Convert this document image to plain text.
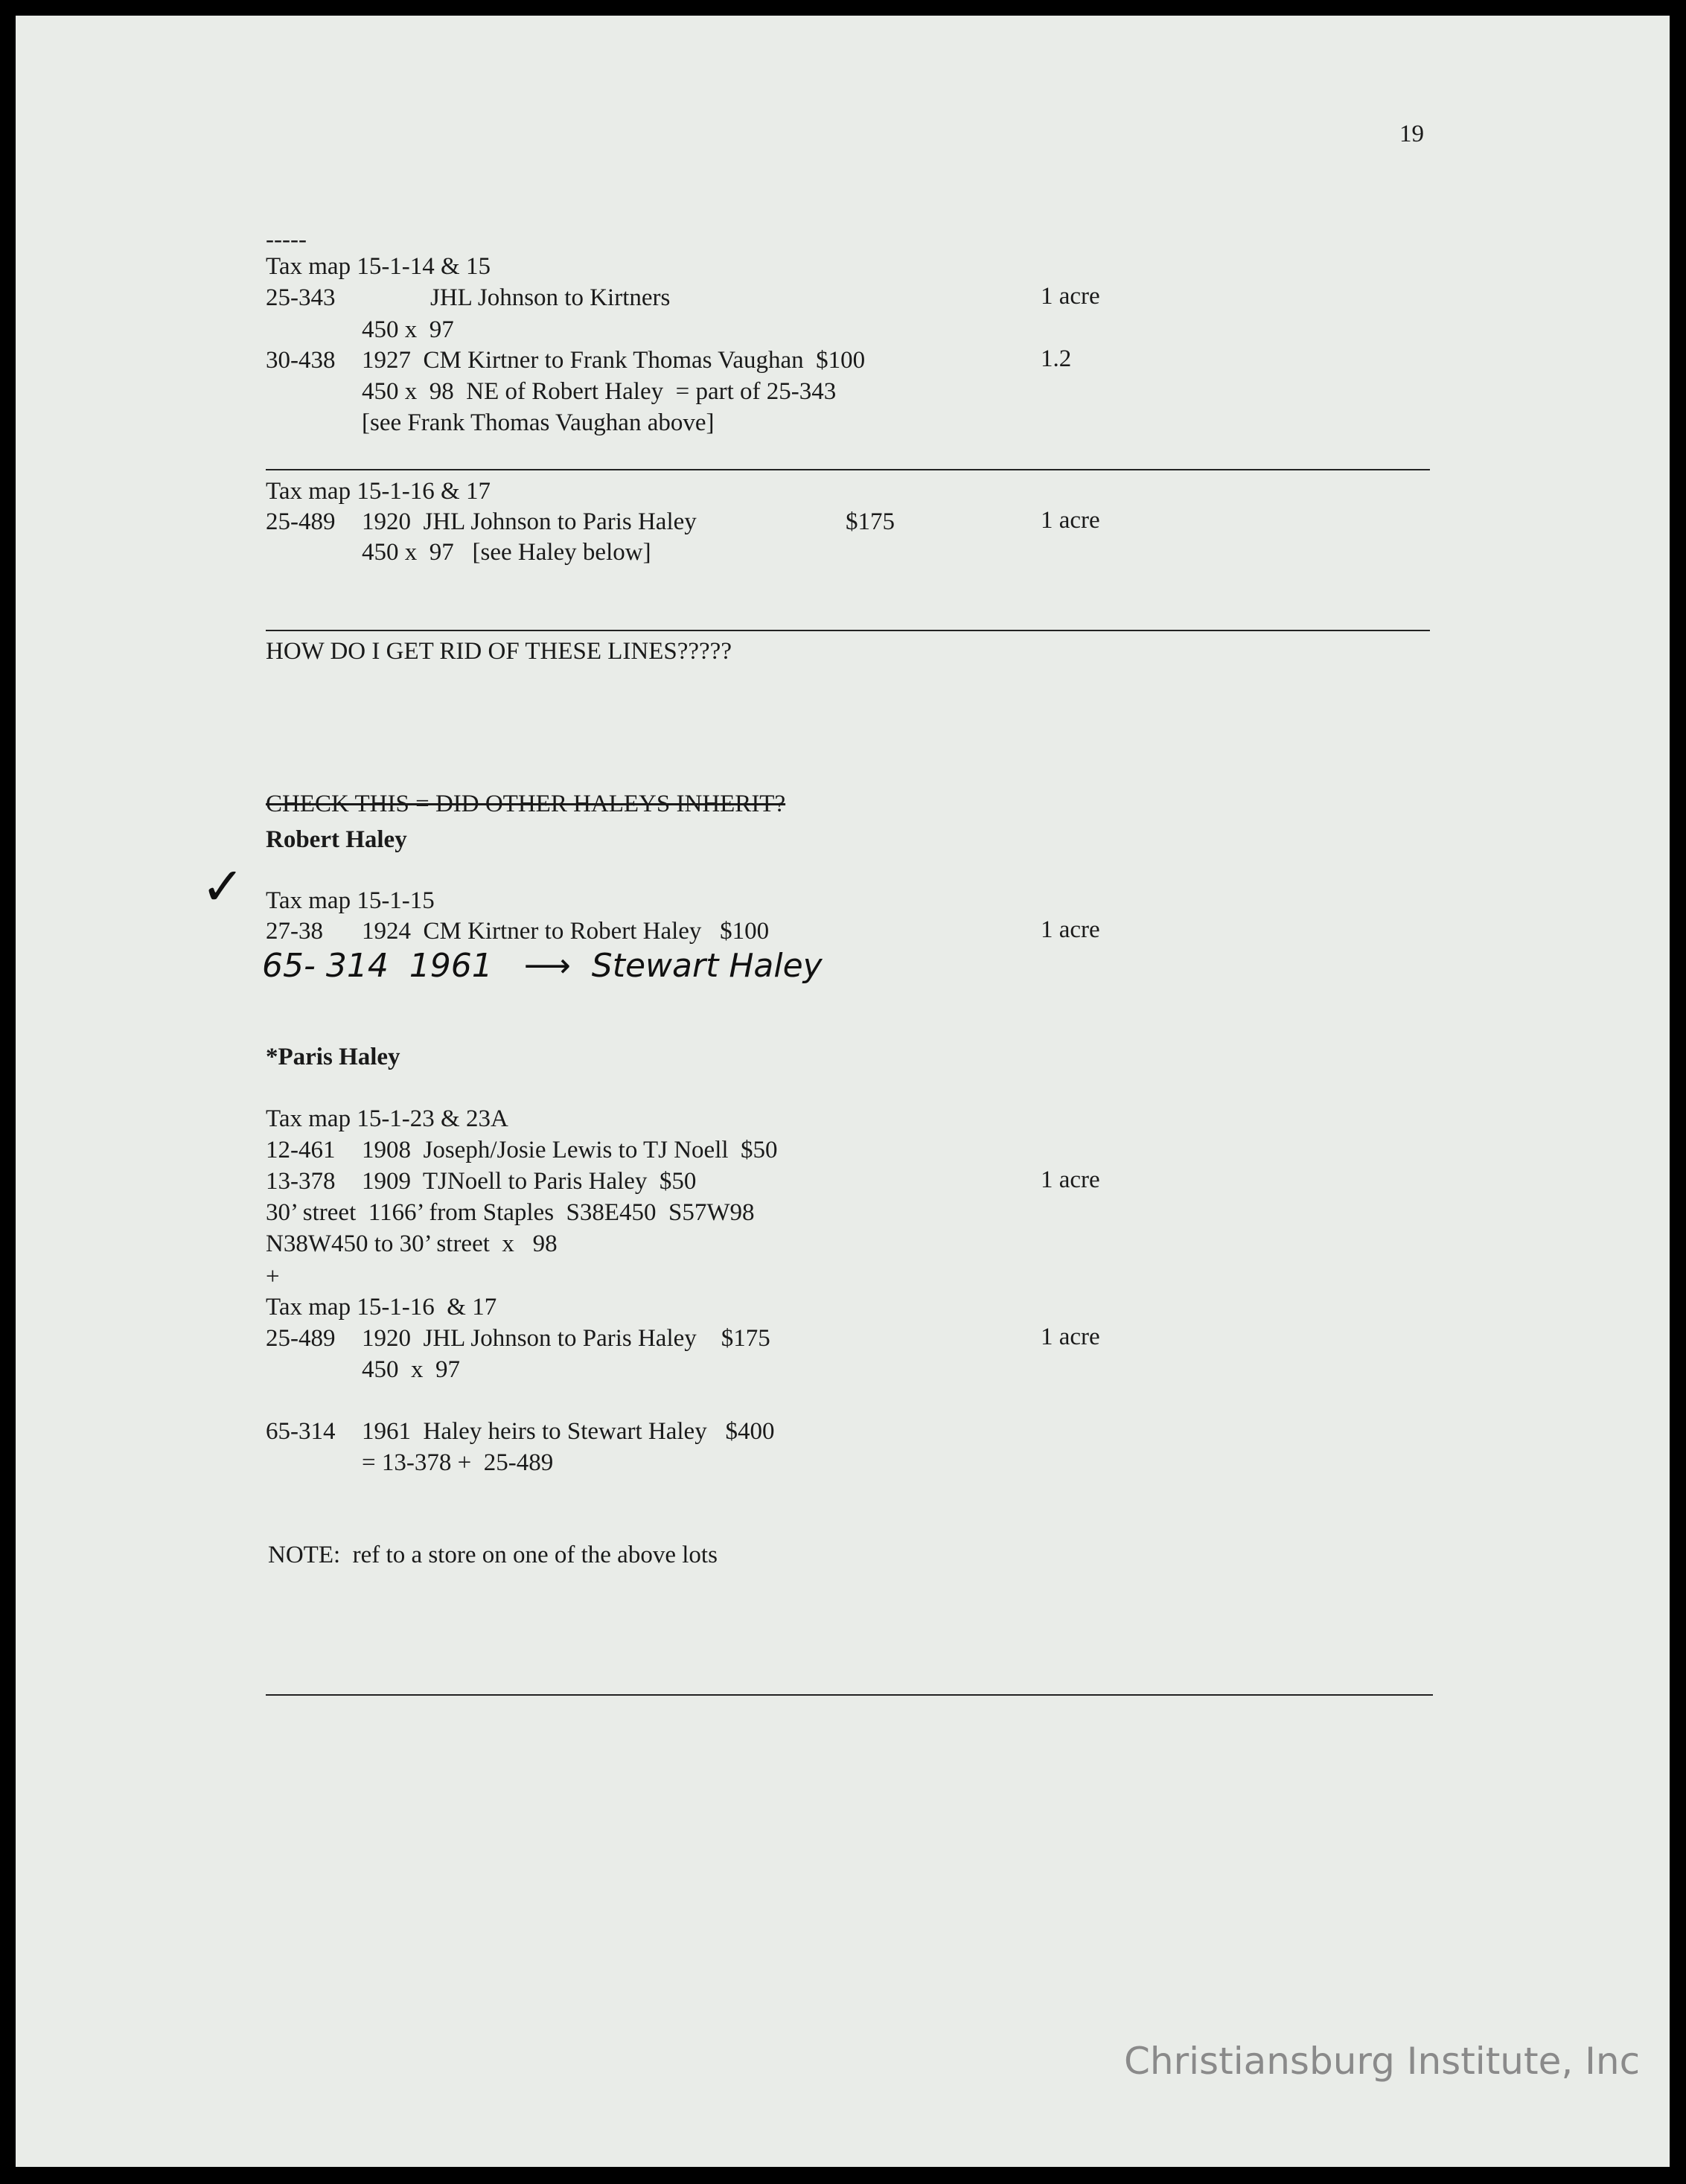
19
-----
Tax map 15-1-14 & 15
25-343	JHL Johnson to Kirtners	1 acre
450 x  97
30-438 1927  CM Kirtner to Frank Thomas Vaughan  $100	1.2
450 x  98  NE of Robert Haley  = part of 25-343
[see Frank Thomas Vaughan above]
Tax map 15-1-16 & 17
25-489 1920  JHL Johnson to Paris Haley	$175	1 acre
450 x  97   [see Haley below]
HOW DO I GET RID OF THESE LINES?????
CHECK THIS = DID OTHER HALEYS INHERIT?
Robert Haley
✓ Tax map 15-1-15
27-38 1924  CM Kirtner to Robert Haley   $100	1 acre
65- 314  1961   ⟶  Stewart Haley
*Paris Haley
Tax map 15-1-23 & 23A
12-461 1908  Joseph/Josie Lewis to TJ Noell  $50
13-378 1909  TJNoell to Paris Haley  $50	1 acre
30’ street  1166’ from Staples  S38E450  S57W98
N38W450 to 30’ street  x   98
+
Tax map 15-1-16  & 17
25-489 1920  JHL Johnson to Paris Haley    $175	1 acre
450  x  97
65-314 1961  Haley heirs to Stewart Haley   $400
= 13-378 +  25-489
NOTE:  ref to a store on one of the above lots
Christiansburg Institute, Inc
